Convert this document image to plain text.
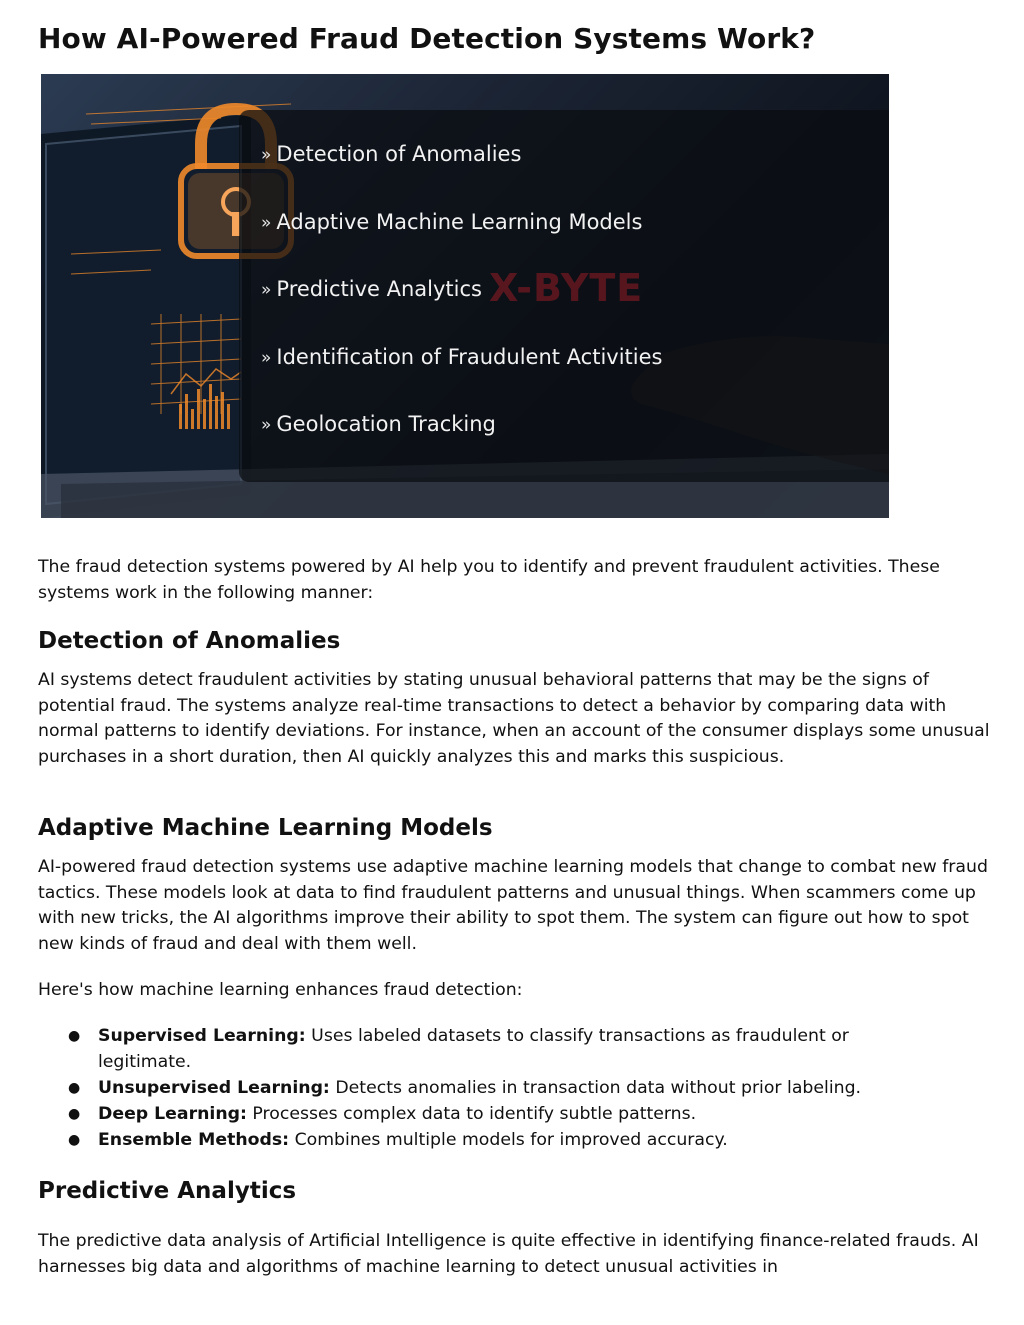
How AI-Powered Fraud Detection Systems Work?
X-BYTE
» Detection of Anomalies
» Adaptive Machine Learning Models
» Predictive Analytics
» Identification of Fraudulent Activities
» Geolocation Tracking

The fraud detection systems powered by AI help you to identify and prevent fraudulent activities. These systems work in the following manner:

Detection of Anomalies

AI systems detect fraudulent activities by stating unusual behavioral patterns that may be the signs of potential fraud. The systems analyze real-time transactions to detect a behavior by comparing data with normal patterns to identify deviations. For instance, when an account of the consumer displays some unusual purchases in a short duration, then AI quickly analyzes this and marks this suspicious.

Adaptive Machine Learning Models

AI-powered fraud detection systems use adaptive machine learning models that change to combat new fraud tactics. These models look at data to find fraudulent patterns and unusual things. When scammers come up with new tricks, the AI algorithms improve their ability to spot them. The system can figure out how to spot new kinds of fraud and deal with them well.

Here's how machine learning enhances fraud detection:

● Supervised Learning: Uses labeled datasets to classify transactions as fraudulent or legitimate.
● Unsupervised Learning: Detects anomalies in transaction data without prior labeling.
● Deep Learning: Processes complex data to identify subtle patterns.
● Ensemble Methods: Combines multiple models for improved accuracy.
Predictive Analytics

The predictive data analysis of Artificial Intelligence is quite effective in identifying finance-related frauds. AI harnesses big data and algorithms of machine learning to detect unusual activities in
